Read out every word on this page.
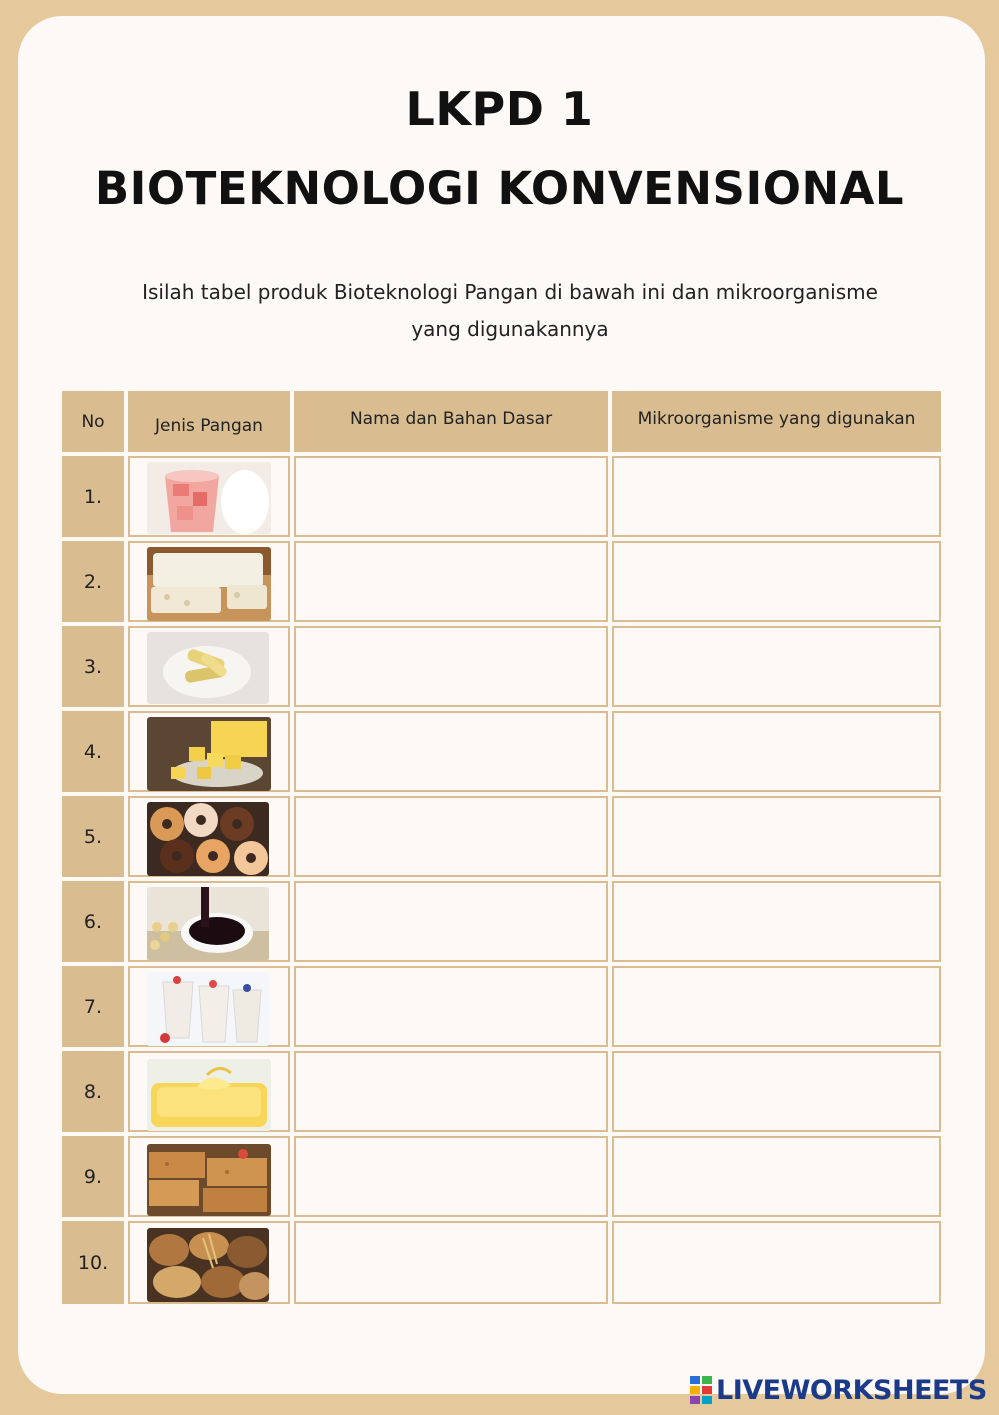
LKPD 1
BIOTEKNOLOGI KONVENSIONAL
Isilah tabel produk Bioteknologi Pangan di bawah ini dan mikroorganisme
yang digunakannya
No	Jenis Pangan	Nama dan Bahan Dasar	Mikroorganisme yang digunakan
1.
2.
3.
4.
5.
6.
7.
8.
9.
10.
LIVEWORKSHEETS
